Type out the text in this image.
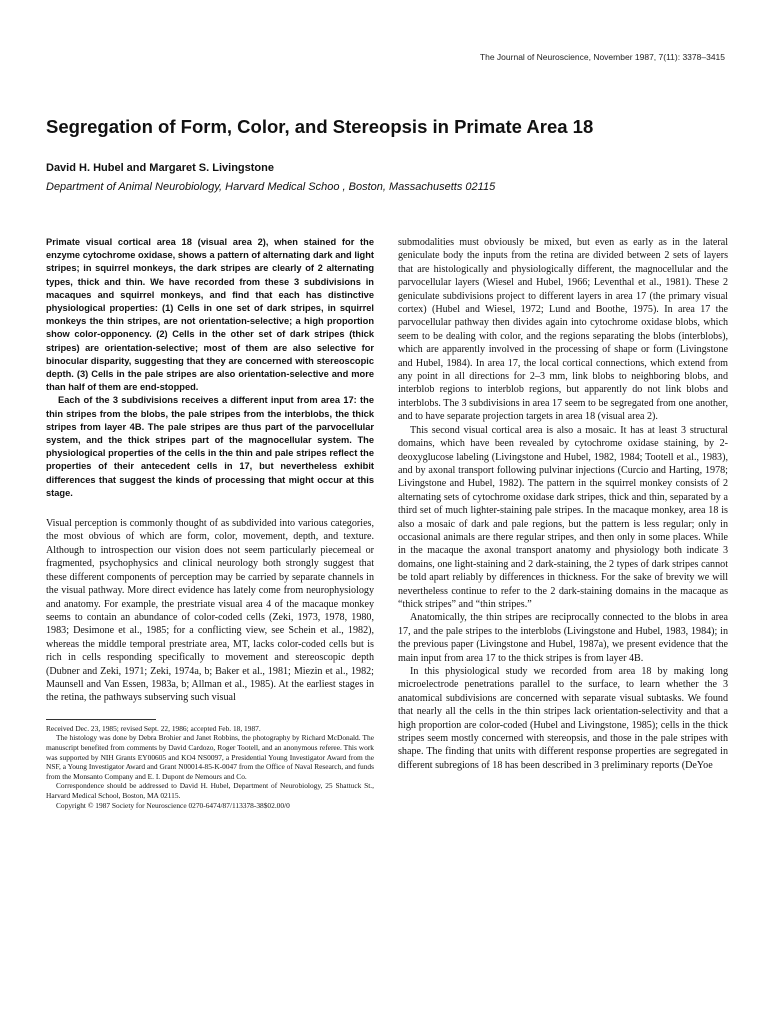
The Journal of Neuroscience, November 1987, 7(11): 3378–3415
Segregation of Form, Color, and Stereopsis in Primate Area 18
David H. Hubel and Margaret S. Livingstone
Department of Animal Neurobiology, Harvard Medical Schoo , Boston, Massachusetts 02115

Primate visual cortical area 18 (visual area 2), when stained for the enzyme cytochrome oxidase, shows a pattern of alternating dark and light stripes; in squirrel monkeys, the dark stripes are clearly of 2 alternating types, thick and thin. We have recorded from these 3 subdivisions in macaques and squirrel monkeys, and find that each has distinctive physiological properties: (1) Cells in one set of dark stripes, in squirrel monkeys the thin stripes, are not orientation-selective; a high proportion show color-opponency. (2) Cells in the other set of dark stripes (thick stripes) are orientation-selective; most of them are also selective for binocular disparity, suggesting that they are concerned with stereoscopic depth. (3) Cells in the pale stripes are also orientation-selective and more than half of them are end-stopped.

Each of the 3 subdivisions receives a different input from area 17: the thin stripes from the blobs, the pale stripes from the interblobs, the thick stripes from layer 4B. The pale stripes are thus part of the parvocellular system, and the thick stripes part of the magnocellular system. The physiological properties of the cells in the thin and pale stripes reflect the properties of their antecedent cells in 17, but nevertheless exhibit differences that suggest the kinds of processing that might occur at this stage.

Visual perception is commonly thought of as subdivided into various categories, the most obvious of which are form, color, movement, depth, and texture. Although to introspection our vision does not seem particularly piecemeal or fragmented, psychophysics and clinical neurology both strongly suggest that these different components of perception may be carried by separate channels in the visual pathway. More direct evidence has lately come from neurophysiology and anatomy. For example, the prestriate visual area 4 of the macaque monkey seems to contain an abundance of color-coded cells (Zeki, 1973, 1978, 1980, 1983; Desimone et al., 1985; for a conflicting view, see Schein et al., 1982), whereas the middle temporal prestriate area, MT, lacks color-coded cells but is rich in cells responding specifically to movement and stereoscopic depth (Dubner and Zeki, 1971; Zeki, 1974a, b; Baker et al., 1981; Miezin et al., 1982; Maunsell and Van Essen, 1983a, b; Allman et al., 1985). At the earliest stages in the retina, the pathways subserving such visual

Received Dec. 23, 1985; revised Sept. 22, 1986; accepted Feb. 18, 1987.

The histology was done by Debra Brohier and Janet Robbins, the photography by Richard McDonald. The manuscript benefited from comments by David Cardozo, Roger Tootell, and an anonymous referee. This work was supported by NIH Grants EY00605 and KO4 NS0097, a Presidential Young Investigator Award from the NSF, a Young Investigator Award and Grant N00014-85-K-0047 from the Office of Naval Research, and funds from the Monsanto Company and E. I. Dupont de Nemours and Co.

Correspondence should be addressed to David H. Hubel, Department of Neurobiology, 25 Shattuck St., Harvard Medical School, Boston, MA 02115.

Copyright © 1987 Society for Neuroscience 0270-6474/87/113378-38$02.00/0

submodalities must obviously be mixed, but even as early as in the lateral geniculate body the inputs from the retina are divided between 2 sets of layers that are histologically and physiologically different, the magnocellular and the parvocellular layers (Wiesel and Hubel, 1966; Leventhal et al., 1981). These 2 geniculate subdivisions project to different layers in area 17 (the primary visual cortex) (Hubel and Wiesel, 1972; Lund and Boothe, 1975). In area 17 the parvocellular pathway then divides again into cytochrome oxidase blobs, which seem to be dealing with color, and the regions separating the blobs (interblobs), which are apparently involved in the processing of shape or form (Livingstone and Hubel, 1984). In area 17, the local cortical connections, which extend from any point in all directions for 2–3 mm, link blobs to neighboring blobs, and interblob regions to interblob regions, but apparently do not link blobs and interblobs. The 3 subdivisions in area 17 seem to be segregated from one another, and to have separate projection targets in area 18 (visual area 2).

This second visual cortical area is also a mosaic. It has at least 3 structural domains, which have been revealed by cytochrome oxidase staining, by 2-deoxyglucose labeling (Livingstone and Hubel, 1982, 1984; Tootell et al., 1983), and by axonal transport following pulvinar injections (Curcio and Harting, 1978; Livingstone and Hubel, 1982). The pattern in the squirrel monkey consists of 2 alternating sets of cytochrome oxidase dark stripes, thick and thin, separated by a third set of much lighter-staining pale stripes. In the macaque monkey, area 18 is also a mosaic of dark and pale regions, but the pattern is less regular; only in occasional animals are there regular stripes, and then only in some places. While in the macaque the axonal transport anatomy and physiology both indicate 3 domains, one light-staining and 2 dark-staining, the 2 types of dark stripes cannot be told apart reliably by differences in thickness. For the sake of brevity we will nevertheless continue to refer to the 2 dark-staining domains in the macaque as “thick stripes” and “thin stripes.”

Anatomically, the thin stripes are reciprocally connected to the blobs in area 17, and the pale stripes to the interblobs (Livingstone and Hubel, 1983, 1984); in the previous paper (Livingstone and Hubel, 1987a), we present evidence that the main input from area 17 to the thick stripes is from layer 4B.

In this physiological study we recorded from area 18 by making long microelectrode penetrations parallel to the surface, to learn whether the 3 anatomical subdivisions are concerned with separate visual subtasks. We found that nearly all the cells in the thin stripes lack orientation-selectivity and that a high proportion are color-coded (Hubel and Livingstone, 1985); cells in the thick stripes seem mostly concerned with stereopsis, and those in the pale stripes with shape. The finding that units with different response properties are segregated in different subregions of 18 has been described in 3 preliminary reports (DeYoe
